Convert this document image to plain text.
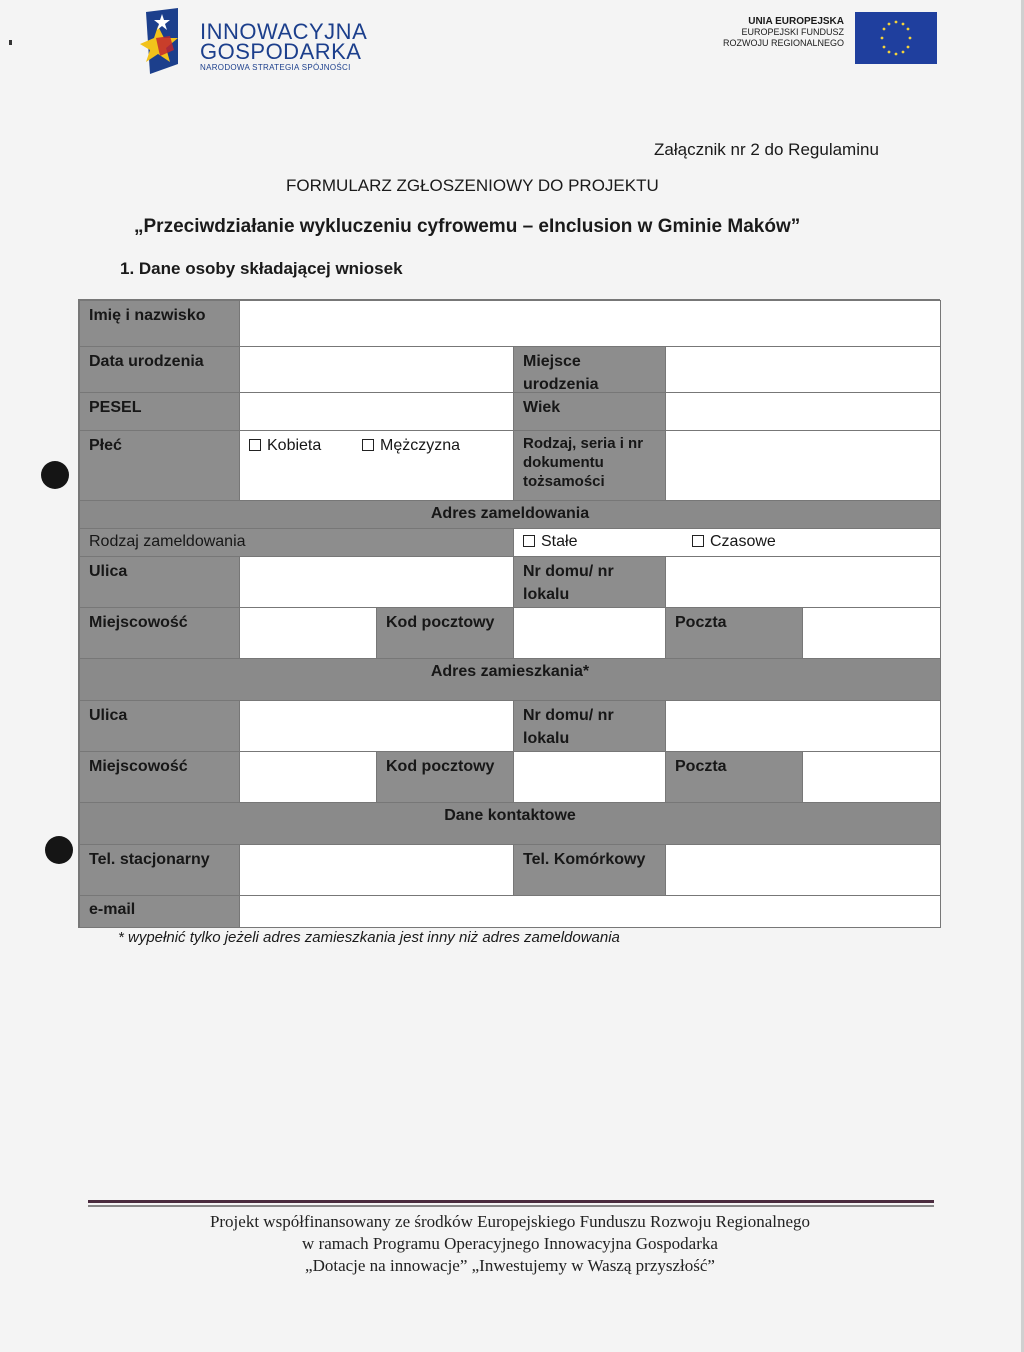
INNOWACYJNA
GOSPODARKA
NARODOWA STRATEGIA SPÓJNOŚCI
UNIA EUROPEJSKA
EUROPEJSKI FUNDUSZ
ROZWOJU REGIONALNEGO
Załącznik nr 2 do Regulaminu
FORMULARZ ZGŁOSZENIOWY DO PROJEKTU
„Przeciwdziałanie wykluczeniu cyfrowemu – eInclusion w Gminie Maków”
1. Dane osoby składającej wniosek
Imię i nazwisko
Data urodzenia	Miejsce urodzenia
PESEL	Wiek
Płeć	Kobieta	Mężczyzna	Rodzaj, seria i nr dokumentu tożsamości
Adres zameldowania
Rodzaj zameldowania	Stałe	Czasowe
Ulica	Nr domu/ nr lokalu
Miejscowość	Kod pocztowy	Poczta
Adres zamieszkania*
Ulica	Nr domu/ nr lokalu
Miejscowość	Kod pocztowy	Poczta
Dane kontaktowe
Tel. stacjonarny	Tel. Komórkowy
e-mail
* wypełnić tylko jeżeli adres zamieszkania jest inny niż adres zameldowania
Projekt współfinansowany ze środków Europejskiego Funduszu Rozwoju Regionalnego
w ramach Programu Operacyjnego Innowacyjna Gospodarka
„Dotacje na innowacje” „Inwestujemy w Waszą przyszłość”
